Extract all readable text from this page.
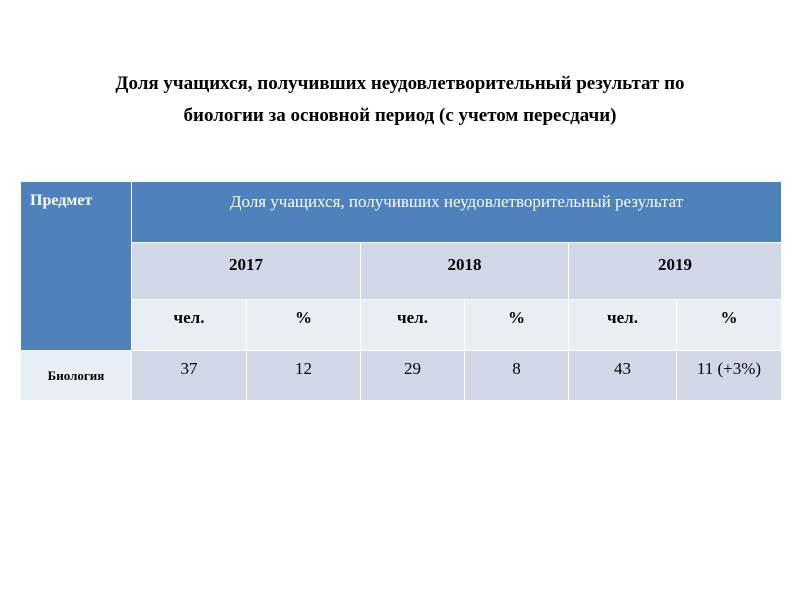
Доля учащихся, получивших неудовлетворительный результат по
биологии за основной период (с учетом пересдачи)
Предмет	Доля учащихся, получивших неудовлетворительный результат					
	2017		2018		2019	
	чел.	%	чел.	%	чел.	%
Биология	37	12	29	8	43	11 (+3%)
